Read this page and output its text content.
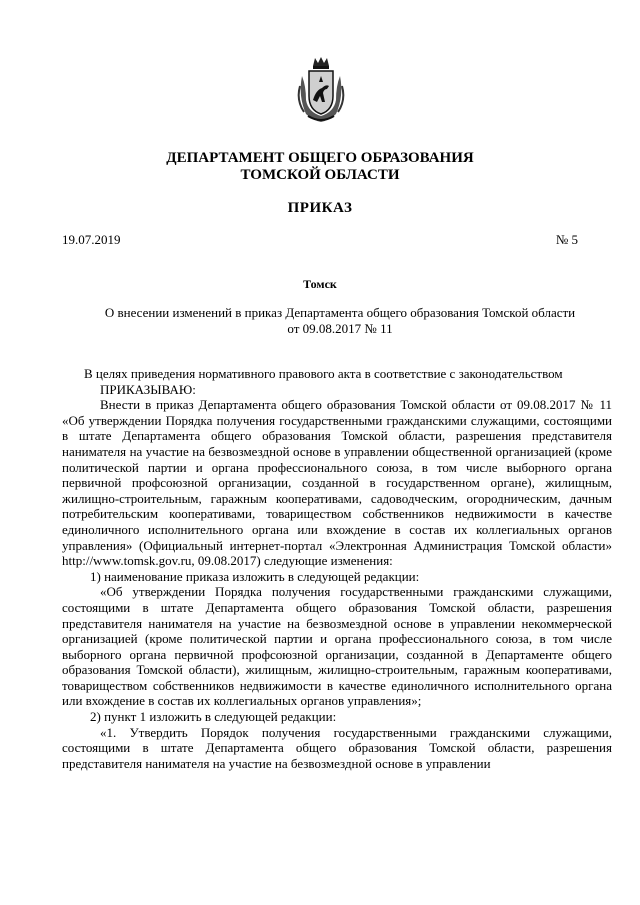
ДЕПАРТАМЕНТ ОБЩЕГО ОБРАЗОВАНИЯ
ТОМСКОЙ ОБЛАСТИ
ПРИКАЗ
19.07.2019	№ 5
Томск
О внесении изменений в приказ Департамента общего образования Томской области от 09.08.2017 № 11

В целях приведения нормативного правового акта в соответствие с законодательством

ПРИКАЗЫВАЮ:

Внести в приказ Департамента общего образования Томской области от 09.08.2017 № 11 «Об утверждении Порядка получения государственными гражданскими служащими, состоящими в штате Департамента общего образования Томской области, разрешения представителя нанимателя на участие на безвозмездной основе в управлении общественной организацией (кроме политической партии и органа профессионального союза, в том числе выборного органа первичной профсоюзной организации, созданной в государственном органе), жилищным, жилищно-строительным, гаражным кооперативами, садоводческим, огородническим, дачным потребительским кооперативами, товариществом собственников недвижимости в качестве единоличного исполнительного органа или вхождение в состав их коллегиальных органов управления» (Официальный интернет-портал «Электронная Администрация Томской области» http://www.tomsk.gov.ru, 09.08.2017) следующие изменения:

1) наименование приказа изложить в следующей редакции:

«Об утверждении Порядка получения государственными гражданскими служащими, состоящими в штате Департамента общего образования Томской области, разрешения представителя нанимателя на участие на безвозмездной основе в управлении некоммерческой организацией (кроме политической партии и органа профессионального союза, в том числе выборного органа первичной профсоюзной организации, созданной в Департаменте общего образования Томской области), жилищным, жилищно-строительным, гаражным кооперативами, товариществом собственников недвижимости в качестве единоличного исполнительного органа или вхождение в состав их коллегиальных органов управления»;

2) пункт 1 изложить в следующей редакции:

«1. Утвердить Порядок получения государственными гражданскими служащими, состоящими в штате Департамента общего образования Томской области, разрешения представителя нанимателя на участие на безвозмездной основе в управлении
